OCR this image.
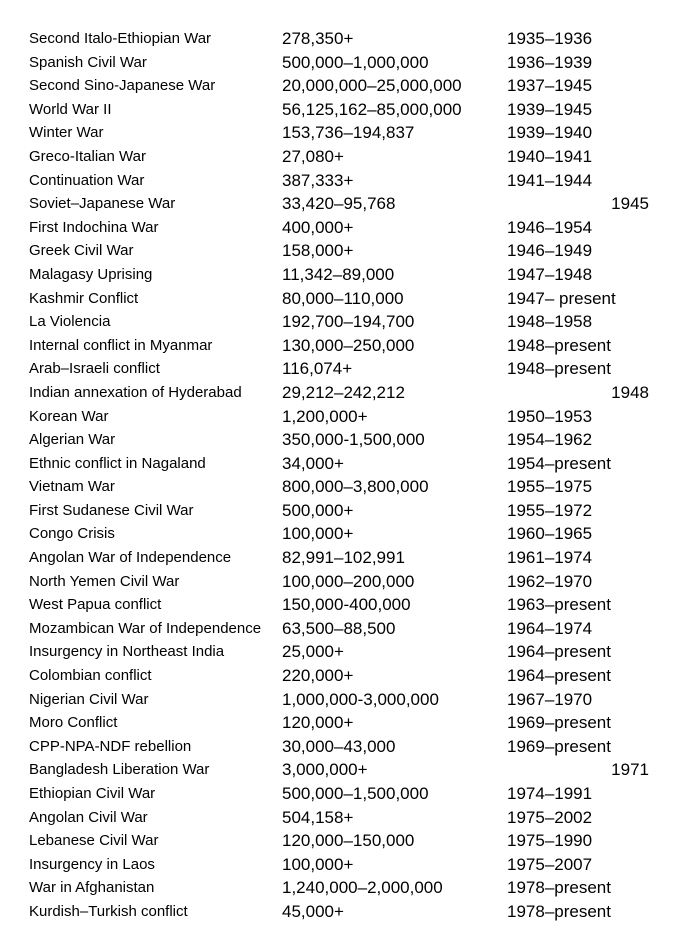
Second Italo-Ethiopian War	278,350+	1935–1936
Spanish Civil War	500,000–1,000,000	1936–1939
Second Sino-Japanese War	20,000,000–25,000,000	1937–1945
World War II	56,125,162–85,000,000	1939–1945
Winter War	153,736–194,837	1939–1940
Greco-Italian War	27,080+	1940–1941
Continuation War	387,333+	1941–1944
Soviet–Japanese War	33,420–95,768	1945
First Indochina War	400,000+	1946–1954
Greek Civil War	158,000+	1946–1949
Malagasy Uprising	11,342–89,000	1947–1948
Kashmir Conflict	80,000–110,000	1947– present
La Violencia	192,700–194,700	1948–1958
Internal conflict in Myanmar	130,000–250,000	1948–present
Arab–Israeli conflict	116,074+	1948–present
Indian annexation of Hyderabad	29,212–242,212	1948
Korean War	1,200,000+	1950–1953
Algerian War	350,000-1,500,000	1954–1962
Ethnic conflict in Nagaland	34,000+	1954–present
Vietnam War	800,000–3,800,000	1955–1975
First Sudanese Civil War	500,000+	1955–1972
Congo Crisis	100,000+	1960–1965
Angolan War of Independence	82,991–102,991	1961–1974
North Yemen Civil War	100,000–200,000	1962–1970
West Papua conflict	150,000-400,000	1963–present
Mozambican War of Independence	63,500–88,500	1964–1974
Insurgency in Northeast India	25,000+	1964–present
Colombian conflict	220,000+	1964–present
Nigerian Civil War	1,000,000-3,000,000	1967–1970
Moro Conflict	120,000+	1969–present
CPP-NPA-NDF rebellion	30,000–43,000	1969–present
Bangladesh Liberation War	3,000,000+	1971
Ethiopian Civil War	500,000–1,500,000	1974–1991
Angolan Civil War	504,158+	1975–2002
Lebanese Civil War	120,000–150,000	1975–1990
Insurgency in Laos	100,000+	1975–2007
War in Afghanistan	1,240,000–2,000,000	1978–present
Kurdish–Turkish conflict	45,000+	1978–present
